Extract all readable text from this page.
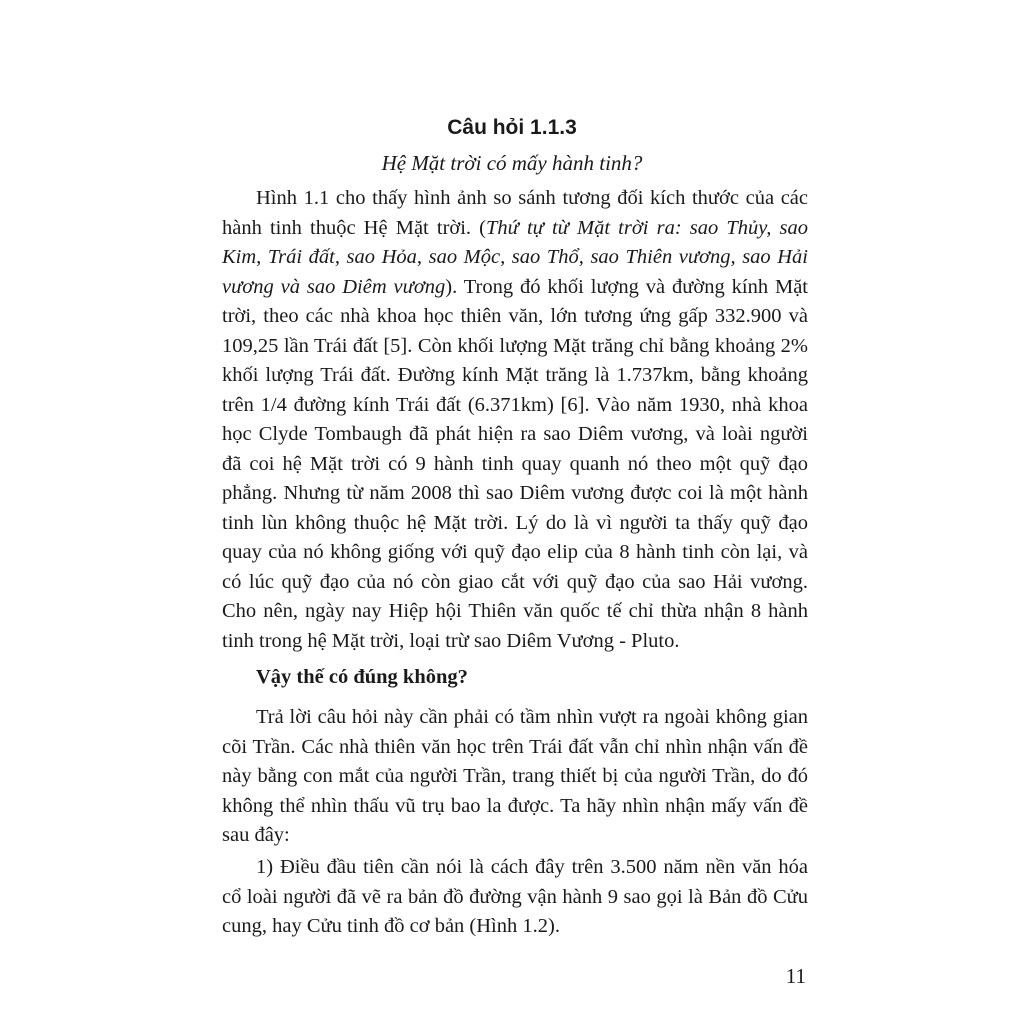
Câu hỏi 1.1.3
Hệ Mặt trời có mấy hành tinh?

Hình 1.1 cho thấy hình ảnh so sánh tương đối kích thước của các hành tinh thuộc Hệ Mặt trời. (Thứ tự từ Mặt trời ra: sao Thủy, sao Kim, Trái đất, sao Hỏa, sao Mộc, sao Thổ, sao Thiên vương, sao Hải vương và sao Diêm vương). Trong đó khối lượng và đường kính Mặt trời, theo các nhà khoa học thiên văn, lớn tương ứng gấp 332.900 và 109,25 lần Trái đất [5]. Còn khối lượng Mặt trăng chỉ bằng khoảng 2% khối lượng Trái đất. Đường kính Mặt trăng là 1.737km, bằng khoảng trên 1/4 đường kính Trái đất (6.371km) [6]. Vào năm 1930, nhà khoa học Clyde Tombaugh đã phát hiện ra sao Diêm vương, và loài người đã coi hệ Mặt trời có 9 hành tinh quay quanh nó theo một quỹ đạo phẳng. Nhưng từ năm 2008 thì sao Diêm vương được coi là một hành tinh lùn không thuộc hệ Mặt trời. Lý do là vì người ta thấy quỹ đạo quay của nó không giống với quỹ đạo elip của 8 hành tinh còn lại, và có lúc quỹ đạo của nó còn giao cắt với quỹ đạo của sao Hải vương. Cho nên, ngày nay Hiệp hội Thiên văn quốc tế chỉ thừa nhận 8 hành tinh trong hệ Mặt trời, loại trừ sao Diêm Vương - Pluto.

Vậy thế có đúng không?

Trả lời câu hỏi này cần phải có tầm nhìn vượt ra ngoài không gian cõi Trần. Các nhà thiên văn học trên Trái đất vẫn chỉ nhìn nhận vấn đề này bằng con mắt của người Trần, trang thiết bị của người Trần, do đó không thể nhìn thấu vũ trụ bao la được. Ta hãy nhìn nhận mấy vấn đề sau đây:

1) Điều đầu tiên cần nói là cách đây trên 3.500 năm nền văn hóa cổ loài người đã vẽ ra bản đồ đường vận hành 9 sao gọi là Bản đồ Cửu cung, hay Cửu tinh đồ cơ bản (Hình 1.2).

11
